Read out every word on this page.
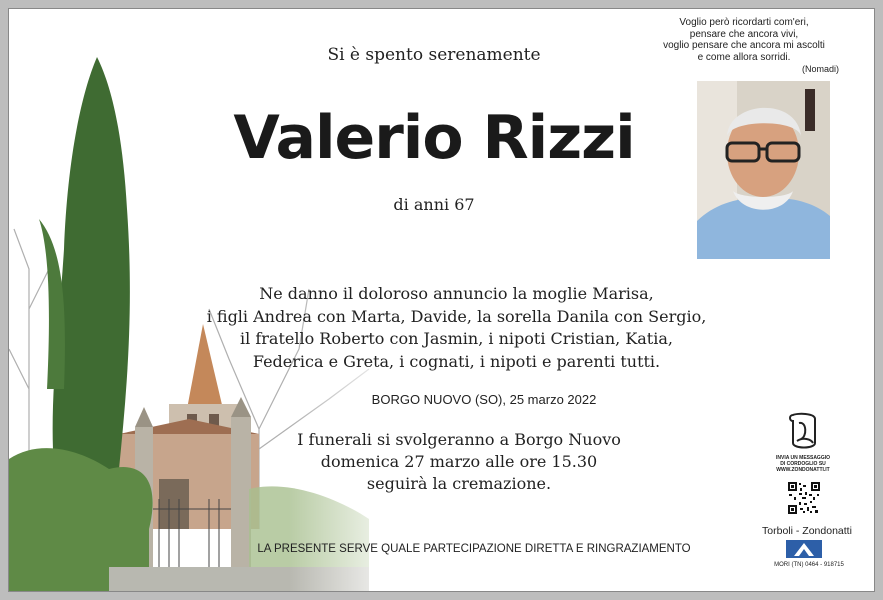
Si è spento serenamente
Valerio Rizzi
di anni 67
Ne danno il doloroso annuncio la moglie Marisa,
i figli Andrea con Marta, Davide, la sorella Danila con Sergio,
il fratello Roberto con Jasmin, i nipoti Cristian, Katia,
Federica e Greta, i cognati, i nipoti e parenti tutti.
BORGO NUOVO (SO), 25 marzo 2022
I funerali si svolgeranno a Borgo Nuovo
domenica 27 marzo alle ore 15.30
seguirà la cremazione.
LA PRESENTE SERVE QUALE PARTECIPAZIONE DIRETTA E RINGRAZIAMENTO
Voglio però ricordarti com'eri,
pensare che ancora vivi,
voglio pensare che ancora mi ascolti
e come allora sorridi.
(Nomadi)
INVIA UN MESSAGGIO
DI CORDOGLIO SU
WWW.ZONDONATTI.IT
Torboli - Zondonatti
MORI (TN) 0464 - 918715
